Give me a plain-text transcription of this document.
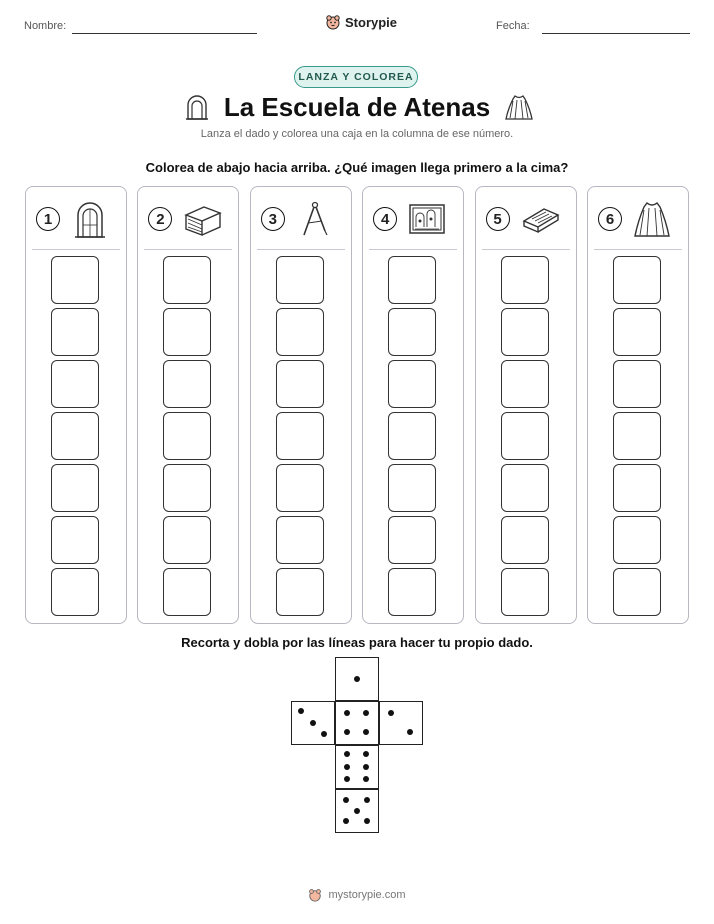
Nombre:	Storypie	Fecha:
LANZA Y COLOREA
La Escuela de Atenas
Lanza el dado y colorea una caja en la columna de ese número.
Colorea de abajo hacia arriba. ¿Qué imagen llega primero a la cima?
1	2	3	4	5	6
Recorta y dobla por las líneas para hacer tu propio dado.
mystorypie.com
